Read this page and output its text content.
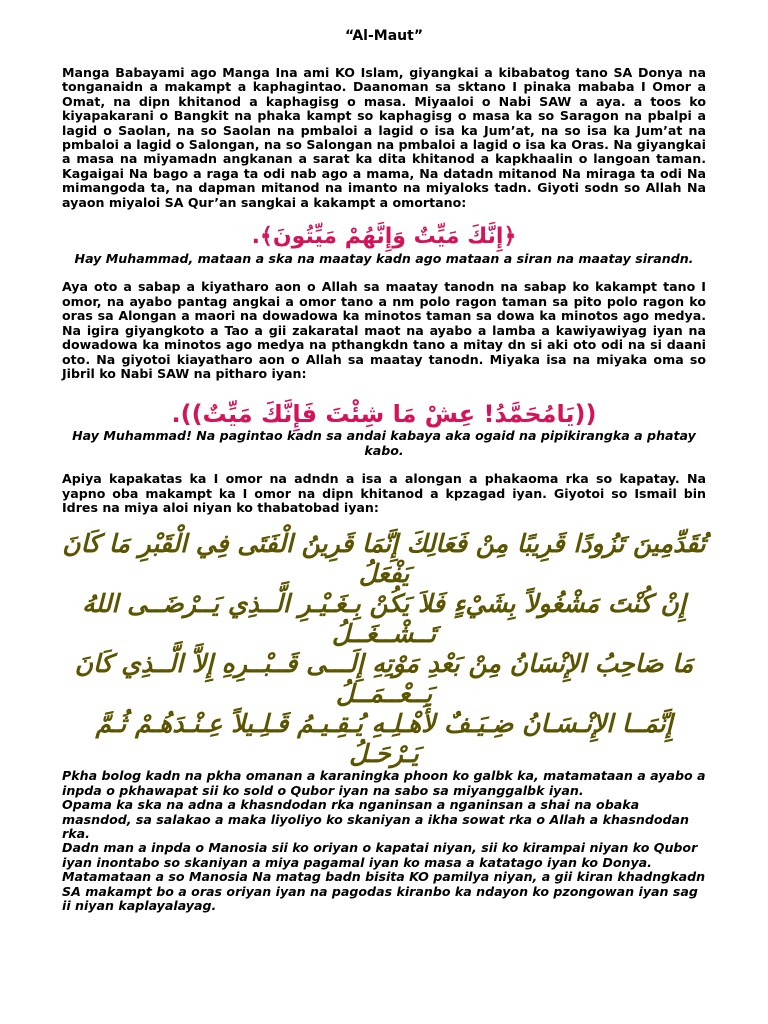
“Al-Maut”

Manga Babayami ago Manga Ina ami KO Islam, giyangkai a kibabatog tano SA Donya na tonganaidn a makampt a kaphagintao. Daanoman sa sktano I pinaka mababa I Omor a Omat, na dipn khitanod a kaphagisg o masa. Miyaaloi o Nabi SAW a aya. a toos ko kiyapakarani o Bangkit na phaka kampt so kaphagisg o masa ka so Saragon na pbalpi a lagid o Saolan, na so Saolan na pmbaloi a lagid o isa ka Jum’at, na so isa ka Jum’at na pmbaloi a lagid o Salongan, na so Salongan na pmbaloi a lagid o isa ka Oras. Na giyangkai a masa na miyamadn angkanan a sarat ka dita khitanod a kapkhaalin o langoan taman. Kagaigai Na bago a raga ta odi nab ago a mama, Na datadn mitanod Na miraga ta odi Na mimangoda ta, na dapman mitanod na imanto na miyaloks tadn. Giyoti sodn so Allah Na ayaon miyaloi SA Qur’an sangkai a kakampt a omortano:

﴿إِنَّكَ مَيِّتٌ وَإِنَّهُمْ مَيِّتُونَ﴾.

Hay Muhammad, mataan a ska na maatay kadn ago mataan a siran na maatay sirandn.

Aya oto a sabap a kiyatharo aon o Allah sa maatay tanodn na sabap ko kakampt tano I omor, na ayabo pantag angkai a omor tano a nm polo ragon taman sa pito polo ragon ko oras sa Alongan a maori na dowadowa ka minotos taman sa dowa ka minotos ago medya. Na igira giyangkoto a Tao a gii zakaratal maot na ayabo a lamba a kawiyawiyag iyan na dowadowa ka minotos ago medya na pthangkdn tano a mitay dn si aki oto odi na si daani oto. Na giyotoi kiayatharo aon o Allah sa maatay tanodn. Miyaka isa na miyaka oma so Jibril ko Nabi SAW na pitharo iyan:

((يَامُحَمَّدُ! عِشْ مَا شِئْتَ فَإِنَّكَ مَيِّتٌ)).

Hay Muhammad! Na pagintao kadn sa andai kabaya aka ogaid na pipikirangka a phatay kabo.

Apiya kapakatas ka I omor na adndn a isa a alongan a phakaoma rka so kapatay. Na yapno oba makampt ka I omor na dipn khitanod a kpzagad iyan. Giyotoi so Ismail bin Idres na miya aloi niyan ko thabatobad iyan:

تُقَدِّمِينَ تَزُودًا قَرِيبًا مِنْ فَعَالِكَ إِنَّمَا قَرِينُ الْفَتَى فِي الْقَبْرِ مَا كَانَ يَفْعَلُ

إِنْ كُنْتَ مَشْغُولاً بِشَيْءٍ فَلاَ يَكُنْ بِـغَـيْـرِ الَّــذِي يَــرْضَــى اللهُ تَــشْــغَــلُ

مَا صَاحِبُ الإِنْسَانُ مِنْ بَعْدِ مَوْتِهِ إِلَـــى قَــبْــرِهِ إِلاَّ الَّــذِي كَانَ يَــعْــمَــلُ

إِنَّمَــا الإِنْـسَـانُ ضِـيَـفٌ لأَهْـلِـهِ يُـقِـيـمُ قَـلِـيلاً عِـنْـدَهُـمْ ثُـمَّ يَـرْحَـلُ

Pkha bolog kadn na pkha omanan a karaningka phoon ko galbk ka, matamataan a ayabo a inpda o pkhawapat sii ko sold o Qubor iyan na sabo sa miyanggalbk iyan.

Opama ka ska na adna a khasndodan rka nganinsan a nganinsan a shai na obaka masndod, sa salakao a maka liyoliyo ko skaniyan a ikha sowat rka o Allah a khasndodan rka.

Dadn man a inpda o Manosia sii ko oriyan o kapatai niyan, sii ko kirampai niyan ko Qubor iyan inontabo so skaniyan a miya pagamal iyan ko masa a katatago iyan ko Donya.

Matamataan a so Manosia Na matag badn bisita KO pamilya niyan, a gii kiran khadngkadn SA makampt bo a oras oriyan iyan na pagodas kiranbo ka ndayon ko pzongowan iyan sag ii niyan kaplayalayag.
